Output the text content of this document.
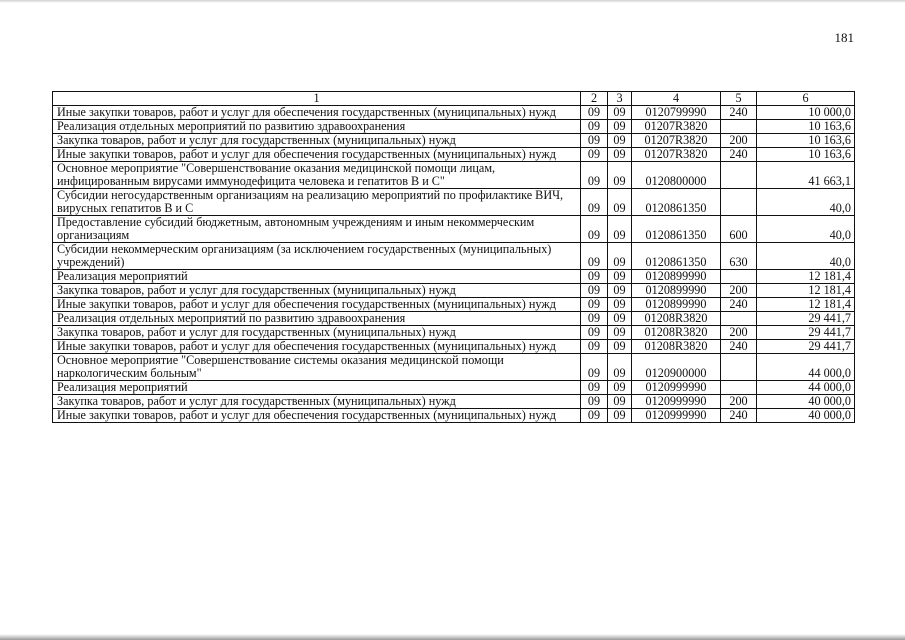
181
1	2	3	4	5	6
Иные закупки товаров, работ и услуг для обеспечения государственных (муниципальных) нужд	09	09	0120799990	240	10 000,0
Реализация отдельных мероприятий по развитию здравоохранения	09	09	01207R3820		10 163,6
Закупка товаров, работ и услуг для государственных (муниципальных) нужд	09	09	01207R3820	200	10 163,6
Иные закупки товаров, работ и услуг для обеспечения государственных (муниципальных) нужд	09	09	01207R3820	240	10 163,6
Основное мероприятие "Совершенствование оказания медицинской помощи лицам, инфицированным вирусами иммунодефицита человека и гепатитов В и С"	09	09	0120800000		41 663,1
Субсидии негосударственным организациям на реализацию мероприятий по профилактике ВИЧ, вирусных гепатитов В и С	09	09	0120861350		40,0
Предоставление субсидий бюджетным, автономным учреждениям и иным некоммерческим организациям	09	09	0120861350	600	40,0
Субсидии некоммерческим организациям (за исключением государственных (муниципальных) учреждений)	09	09	0120861350	630	40,0
Реализация мероприятий	09	09	0120899990		12 181,4
Закупка товаров, работ и услуг для государственных (муниципальных) нужд	09	09	0120899990	200	12 181,4
Иные закупки товаров, работ и услуг для обеспечения государственных (муниципальных) нужд	09	09	0120899990	240	12 181,4
Реализация отдельных мероприятий по развитию здравоохранения	09	09	01208R3820		29 441,7
Закупка товаров, работ и услуг для государственных (муниципальных) нужд	09	09	01208R3820	200	29 441,7
Иные закупки товаров, работ и услуг для обеспечения государственных (муниципальных) нужд	09	09	01208R3820	240	29 441,7
Основное мероприятие "Совершенствование системы оказания медицинской помощи наркологическим больным"	09	09	0120900000		44 000,0
Реализация мероприятий	09	09	0120999990		44 000,0
Закупка товаров, работ и услуг для государственных (муниципальных) нужд	09	09	0120999990	200	40 000,0
Иные закупки товаров, работ и услуг для обеспечения государственных (муниципальных) нужд	09	09	0120999990	240	40 000,0
